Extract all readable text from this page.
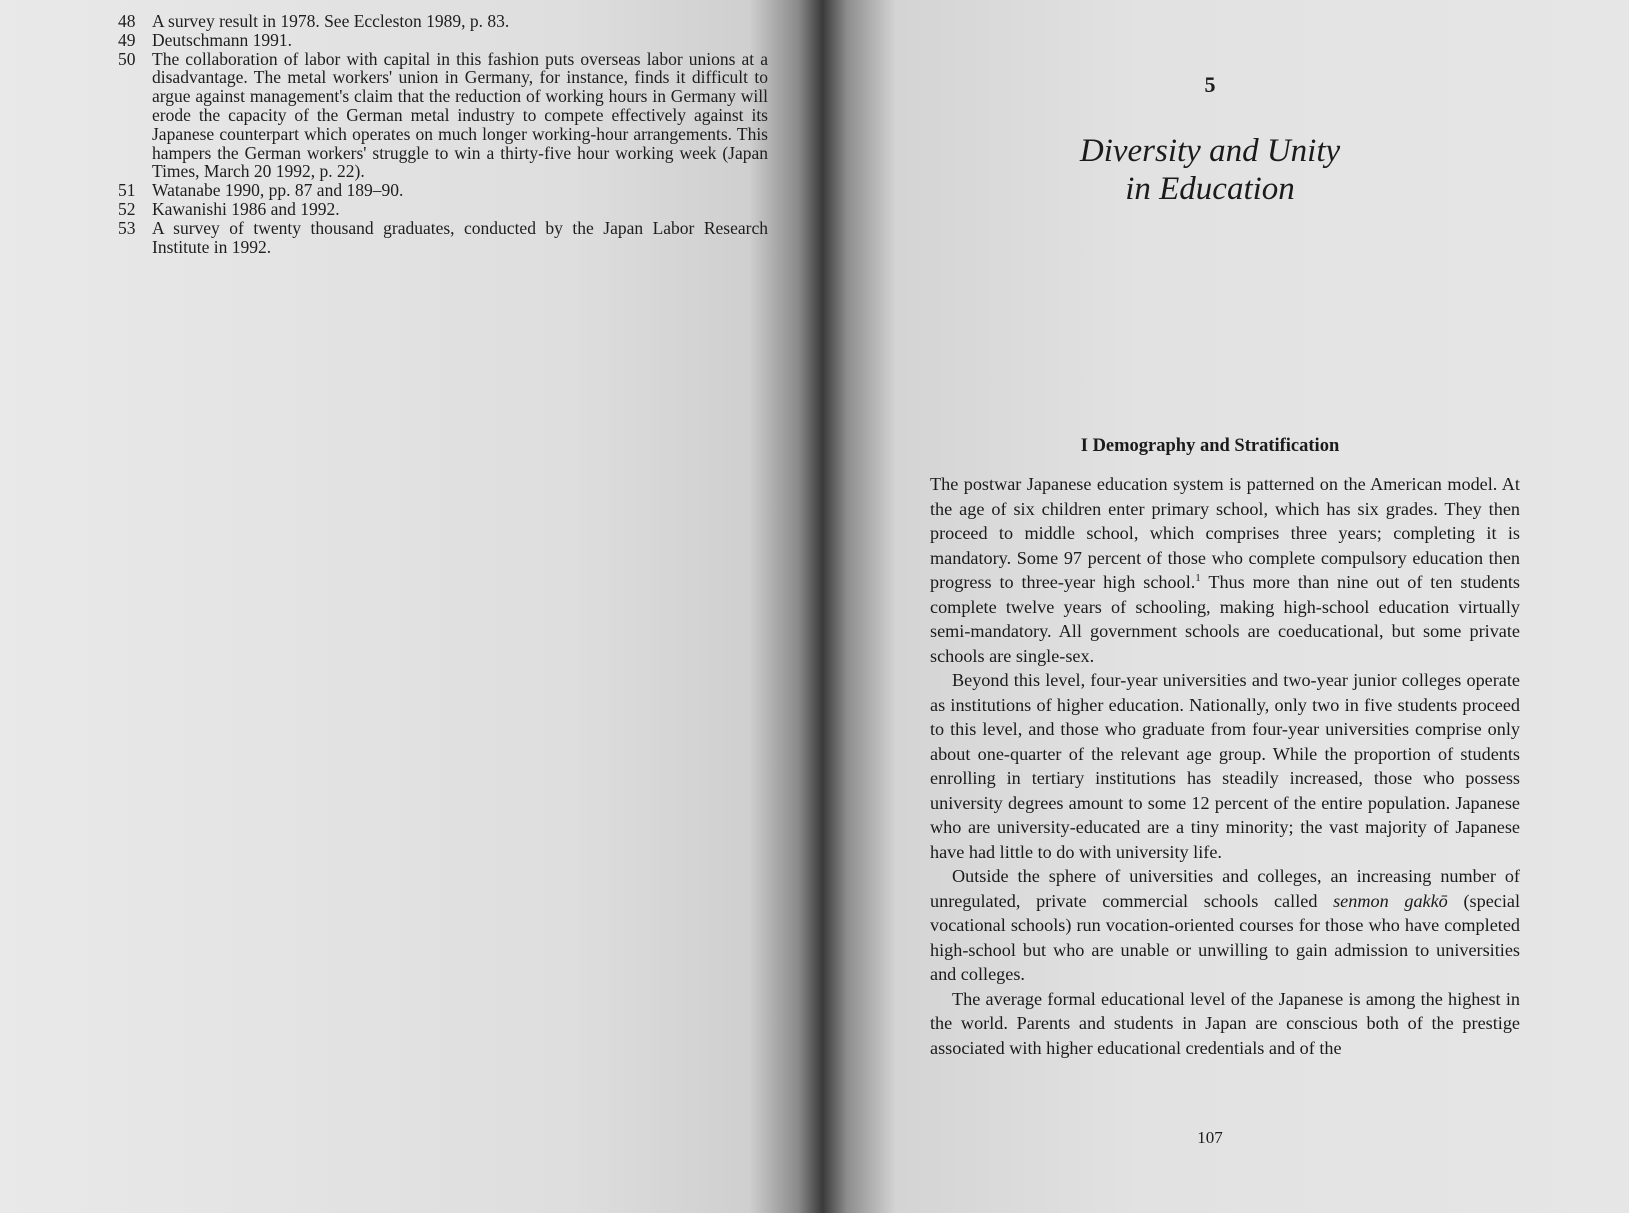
48 A survey result in 1978. See Eccleston 1989, p. 83.
49 Deutschmann 1991.
50 The collaboration of labor with capital in this fashion puts overseas labor unions at a disadvantage. The metal workers' union in Germany, for instance, finds it difficult to argue against management's claim that the reduction of working hours in Germany will erode the capacity of the German metal industry to compete effectively against its Japanese counterpart which operates on much longer working-hour arrangements. This hampers the German workers' struggle to win a thirty-five hour working week (Japan Times, March 20 1992, p. 22).
51 Watanabe 1990, pp. 87 and 189–90.
52 Kawanishi 1986 and 1992.
53 A survey of twenty thousand graduates, conducted by the Japan Labor Research Institute in 1992.
5
Diversity and Unity
in Education
I Demography and Stratification

The postwar Japanese education system is patterned on the American model. At the age of six children enter primary school, which has six grades. They then proceed to middle school, which comprises three years; completing it is mandatory. Some 97 percent of those who complete compulsory education then progress to three-year high school.$^1$ Thus more than nine out of ten students complete twelve years of schooling, making high-school education virtually semi-mandatory. All government schools are coeducational, but some private schools are single-sex.

Beyond this level, four-year universities and two-year junior colleges operate as institutions of higher education. Nationally, only two in five students proceed to this level, and those who graduate from four-year universities comprise only about one-quarter of the relevant age group. While the proportion of students enrolling in tertiary institutions has steadily increased, those who possess university degrees amount to some 12 percent of the entire population. Japanese who are university-educated are a tiny minority; the vast majority of Japanese have had little to do with university life.

Outside the sphere of universities and colleges, an increasing number of unregulated, private commercial schools called senmon gakkō (special vocational schools) run vocation-oriented courses for those who have completed high-school but who are unable or unwilling to gain admission to universities and colleges.

The average formal educational level of the Japanese is among the highest in the world. Parents and students in Japan are conscious both of the prestige associated with higher educational credentials and of the

107
